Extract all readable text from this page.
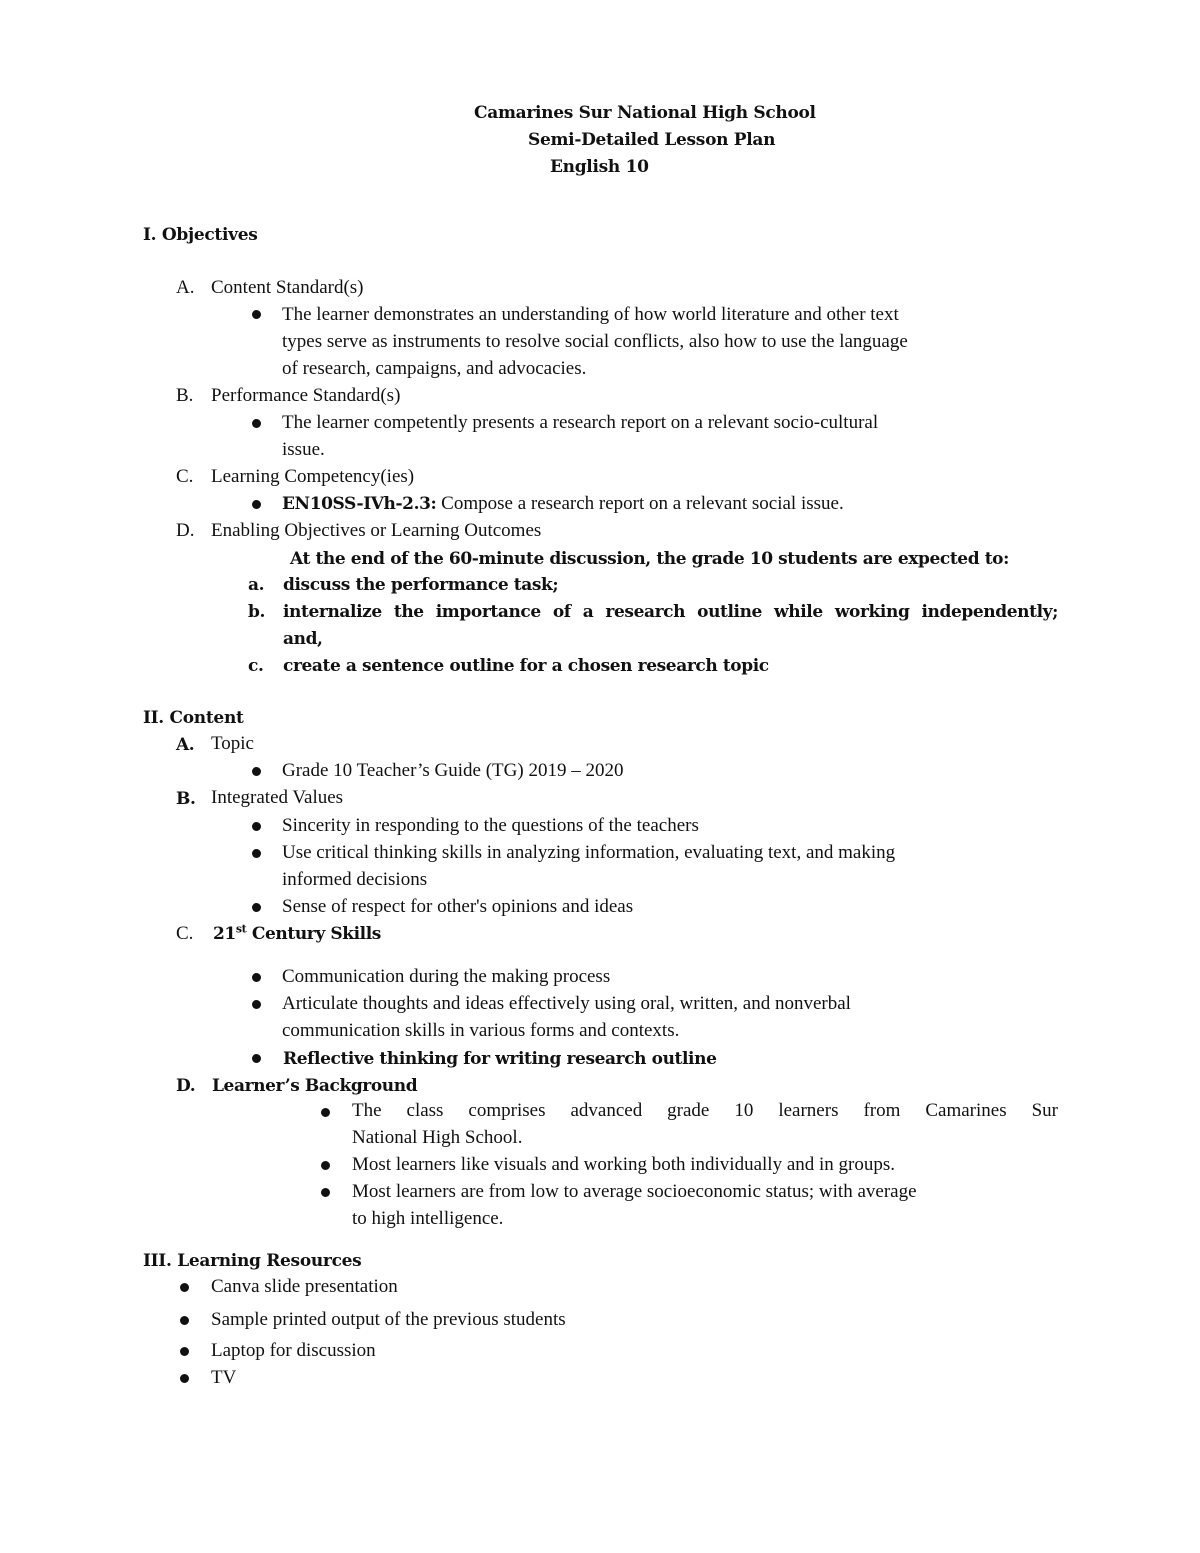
Camarines Sur National High School
Semi-Detailed Lesson Plan
English 10
I. Objectives
A. Content Standard(s)
The learner demonstrates an understanding of how world literature and other text
types serve as instruments to resolve social conflicts, also how to use the language
of research, campaigns, and advocacies.
B. Performance Standard(s)
The learner competently presents a research report on a relevant socio-cultural
issue.
C. Learning Competency(ies)
EN10SS-IVh-2.3: Compose a research report on a relevant social issue.
D. Enabling Objectives or Learning Outcomes
At the end of the 60-minute discussion, the grade 10 students are expected to:
a. discuss the performance task;
b. internalize the importance of a research outline while working independently;
and,
c. create a sentence outline for a chosen research topic
II. Content
A. Topic
Grade 10 Teacher’s Guide (TG) 2019 – 2020
B. Integrated Values
Sincerity in responding to the questions of the teachers
Use critical thinking skills in analyzing information, evaluating text, and making
informed decisions
Sense of respect for other's opinions and ideas
C. 21st Century Skills
Communication during the making process
Articulate thoughts and ideas effectively using oral, written, and nonverbal
communication skills in various forms and contexts.
Reflective thinking for writing research outline
D. Learner’s Background
The class comprises advanced grade 10 learners from Camarines Sur
National High School.
Most learners like visuals and working both individually and in groups.
Most learners are from low to average socioeconomic status; with average
to high intelligence.
III. Learning Resources
Canva slide presentation
Sample printed output of the previous students
Laptop for discussion
TV
